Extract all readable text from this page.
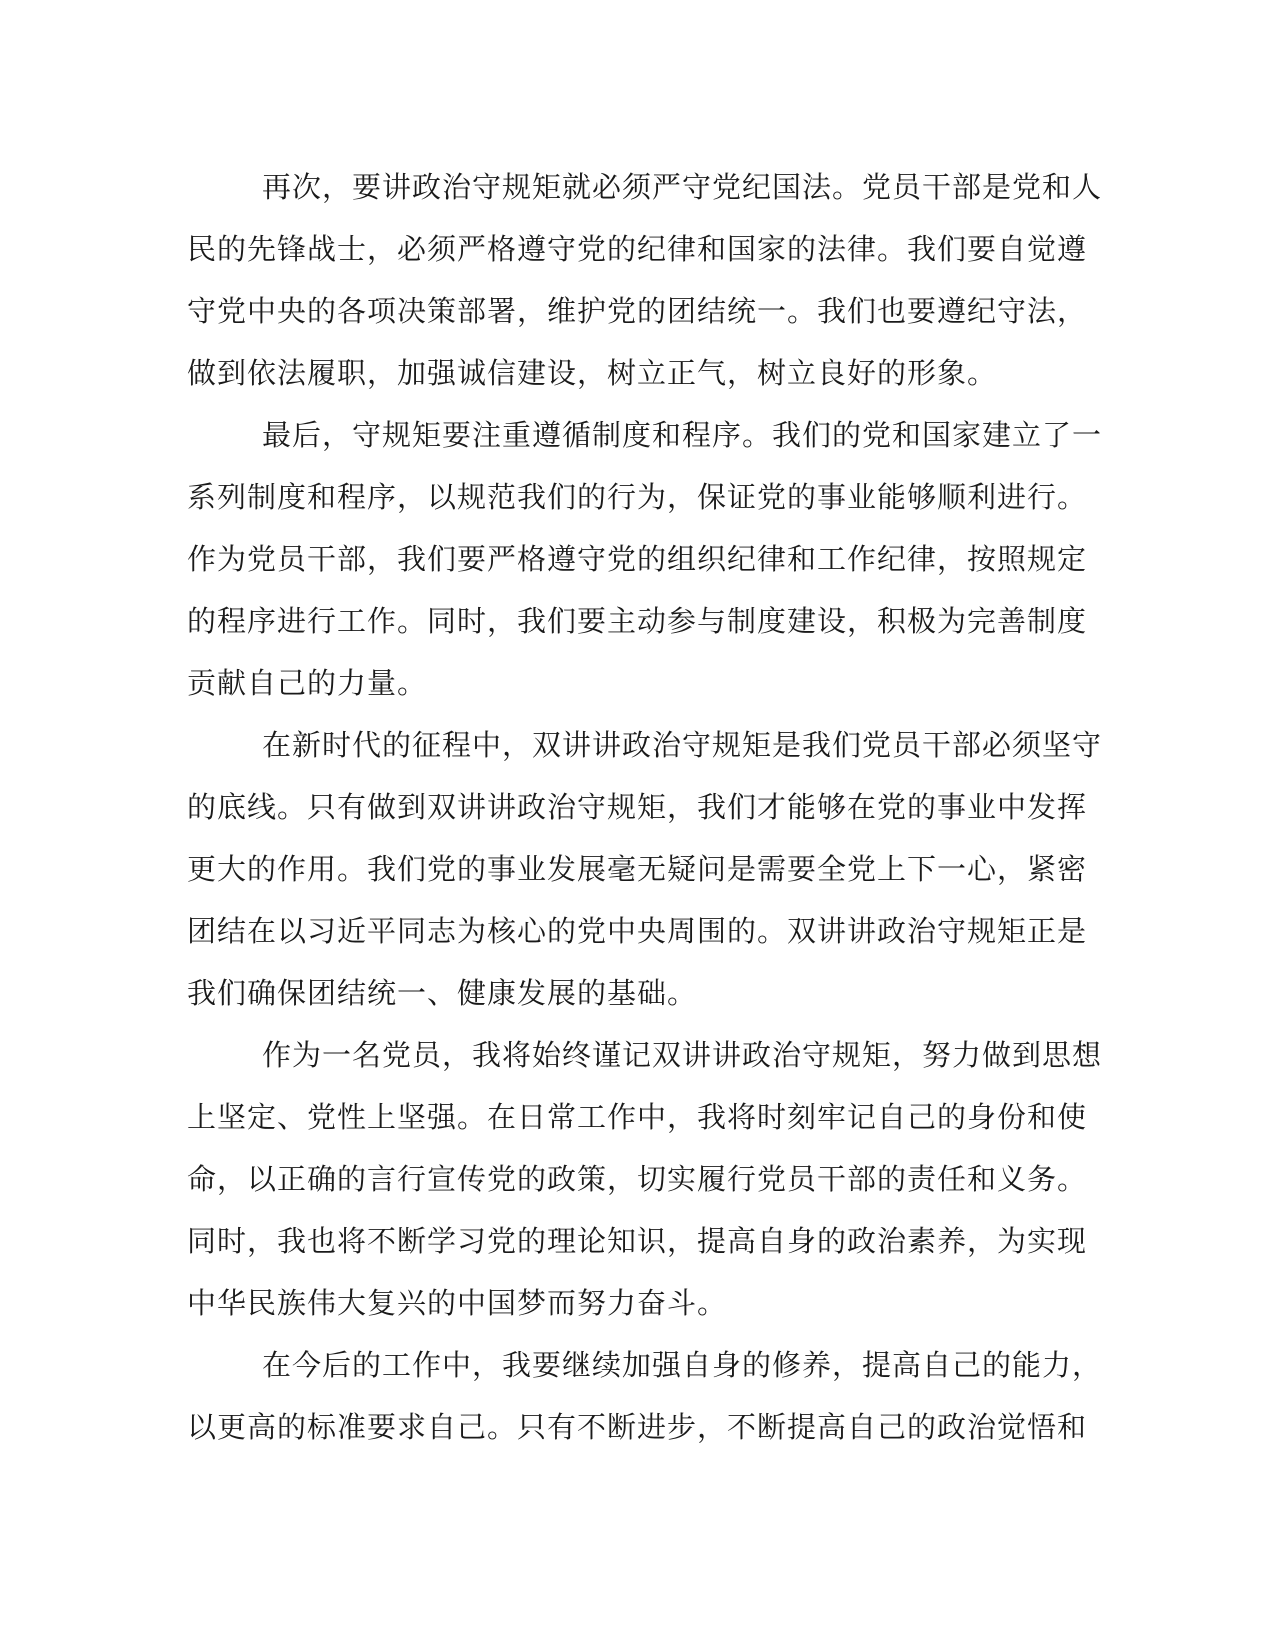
再次，要讲政治守规矩就必须严守党纪国法。党员干部是党和人
民的先锋战士，必须严格遵守党的纪律和国家的法律。我们要自觉遵
守党中央的各项决策部署，维护党的团结统一。我们也要遵纪守法，
做到依法履职，加强诚信建设，树立正气，树立良好的形象。
最后，守规矩要注重遵循制度和程序。我们的党和国家建立了一
系列制度和程序，以规范我们的行为，保证党的事业能够顺利进行。
作为党员干部，我们要严格遵守党的组织纪律和工作纪律，按照规定
的程序进行工作。同时，我们要主动参与制度建设，积极为完善制度
贡献自己的力量。
在新时代的征程中，双讲讲政治守规矩是我们党员干部必须坚守
的底线。只有做到双讲讲政治守规矩，我们才能够在党的事业中发挥
更大的作用。我们党的事业发展毫无疑问是需要全党上下一心，紧密
团结在以习近平同志为核心的党中央周围的。双讲讲政治守规矩正是
我们确保团结统一、健康发展的基础。
作为一名党员，我将始终谨记双讲讲政治守规矩，努力做到思想
上坚定、党性上坚强。在日常工作中，我将时刻牢记自己的身份和使
命，以正确的言行宣传党的政策，切实履行党员干部的责任和义务。
同时，我也将不断学习党的理论知识，提高自身的政治素养，为实现
中华民族伟大复兴的中国梦而努力奋斗。
在今后的工作中，我要继续加强自身的修养，提高自己的能力，
以更高的标准要求自己。只有不断进步，不断提高自己的政治觉悟和
